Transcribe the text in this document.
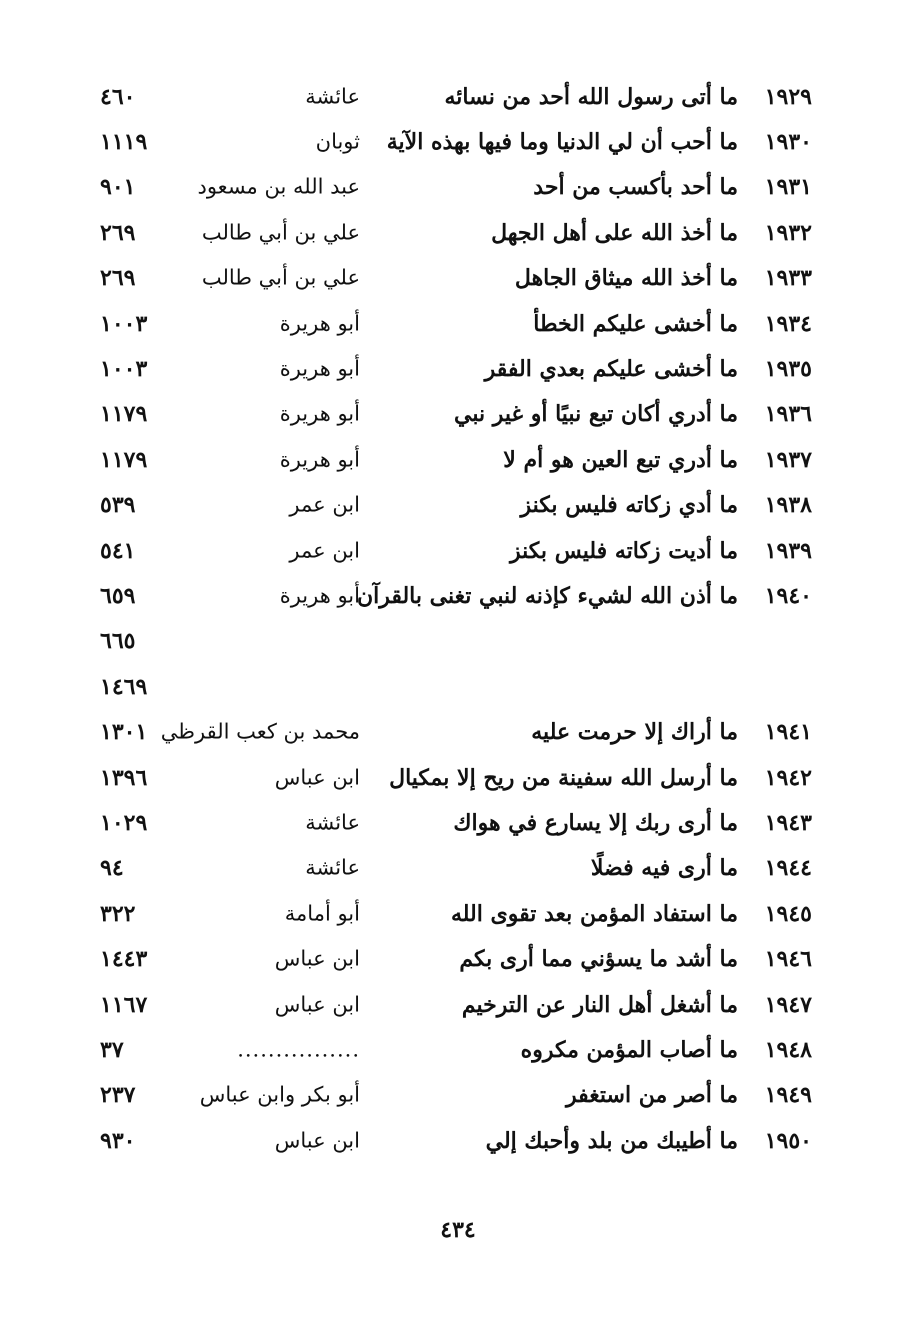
١٩٢٩
ما أتى رسول الله أحد من نسائه
عائشة
٤٦٠
١٩٣٠
ما أحب أن لي الدنيا وما فيها بهذه الآية
ثوبان
١١١٩
١٩٣١
ما أحد بأكسب من أحد
عبد الله بن مسعود
٩٠١
١٩٣٢
ما أخذ الله على أهل الجهل
علي بن أبي طالب
٢٦٩
١٩٣٣
ما أخذ الله ميثاق الجاهل
علي بن أبي طالب
٢٦٩
١٩٣٤
ما أخشى عليكم الخطأ
أبو هريرة
١٠٠٣
١٩٣٥
ما أخشى عليكم بعدي الفقر
أبو هريرة
١٠٠٣
١٩٣٦
ما أدري أكان تبع نبيًا أو غير نبي
أبو هريرة
١١٧٩
١٩٣٧
ما أدري تبع العين هو أم لا
أبو هريرة
١١٧٩
١٩٣٨
ما أدي زكاته فليس بكنز
ابن عمر
٥٣٩
١٩٣٩
ما أديت زكاته فليس بكنز
ابن عمر
٥٤١
١٩٤٠
ما أذن الله لشيء كإذنه لنبي تغنى بالقرآن
أبو هريرة
٦٥٩
٦٦٥
١٤٦٩
١٩٤١
ما أراك إلا حرمت عليه
محمد بن كعب القرظي
١٣٠١
١٩٤٢
ما أرسل الله سفينة من ريح إلا بمكيال
ابن عباس
١٣٩٦
١٩٤٣
ما أرى ربك إلا يسارع في هواك
عائشة
١٠٢٩
١٩٤٤
ما أرى فيه فضلًا
عائشة
٩٤
١٩٤٥
ما استفاد المؤمن بعد تقوى الله
أبو أمامة
٣٢٢
١٩٤٦
ما أشد ما يسؤني مما أرى بكم
ابن عباس
١٤٤٣
١٩٤٧
ما أشغل أهل النار عن الترخيم
ابن عباس
١١٦٧
١٩٤٨
ما أصاب المؤمن مكروه
................
٣٧
١٩٤٩
ما أصر من استغفر
أبو بكر وابن عباس
٢٣٧
١٩٥٠
ما أطيبك من بلد وأحبك إلي
ابن عباس
٩٣٠
٤٣٤
